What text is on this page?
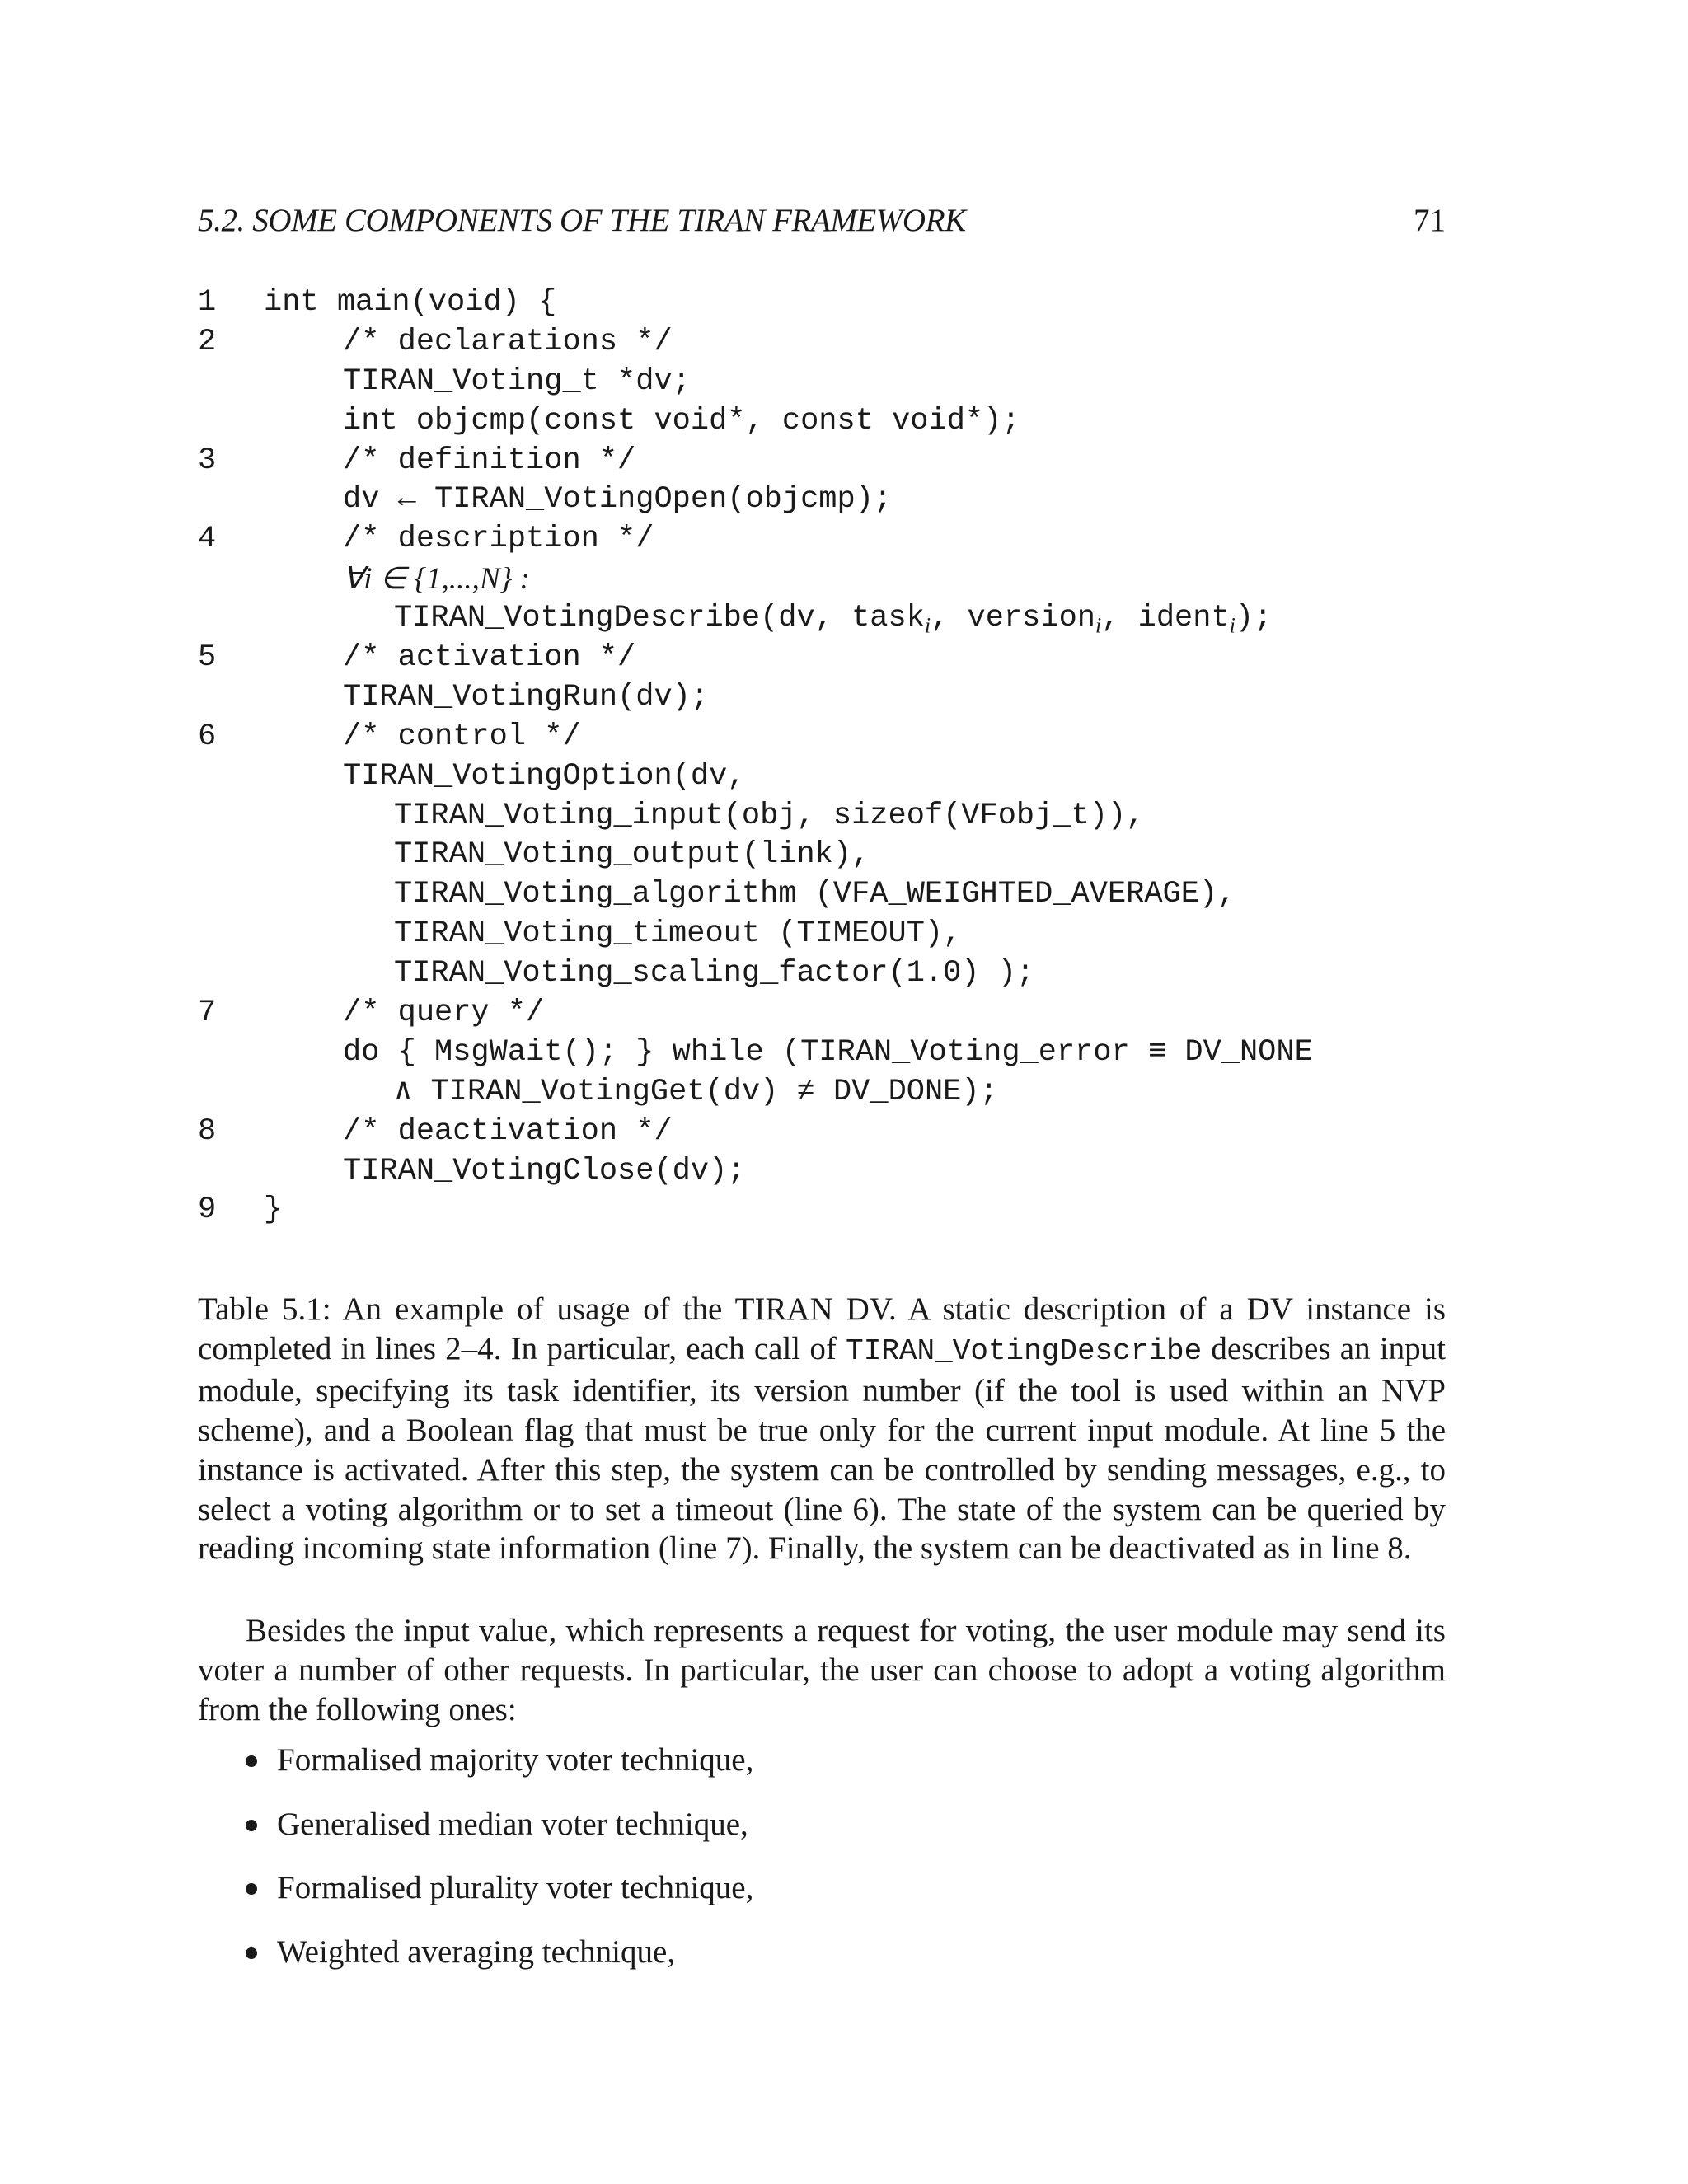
5.2. SOME COMPONENTS OF THE TIRAN FRAMEWORK	71

1

	int main(void) {

2

	/* declarations */

TIRAN_Voting_t *dv;

int objcmp(const void*, const void*);

3

	/* definition */

dv ← TIRAN_VotingOpen(objcmp);

4

	/* description */

∀i ∈ {1,...,N} :

TIRAN_VotingDescribe(dv, task$_i$, version$_i$, ident$_i$);

5

	/* activation */

TIRAN_VotingRun(dv);

6

	/* control */

TIRAN_VotingOption(dv,

TIRAN_Voting_input(obj, sizeof(VFobj_t)),

TIRAN_Voting_output(link),

TIRAN_Voting_algorithm (VFA_WEIGHTED_AVERAGE),

TIRAN_Voting_timeout (TIMEOUT),

TIRAN_Voting_scaling_factor(1.0) );

7

	/* query */

do { MsgWait(); } while (TIRAN_Voting_error ≡ DV_NONE

∧ TIRAN_VotingGet(dv) ≠ DV_DONE);

8

	/* deactivation */

TIRAN_VotingClose(dv);

9

	}

Table 5.1: An example of usage of the TIRAN DV. A static description of a DV instance is completed in lines 2–4. In particular, each call of TIRAN_VotingDescribe describes an input module, specifying its task identifier, its version number (if the tool is used within an NVP scheme), and a Boolean flag that must be true only for the current input module. At line 5 the instance is activated. After this step, the system can be controlled by sending messages, e.g., to select a voting algorithm or to set a timeout (line 6). The state of the system can be queried by reading incoming state information (line 7). Finally, the system can be deactivated as in line 8.
Besides the input value, which represents a request for voting, the user module may send its voter a number of other requests. In particular, the user can choose to adopt a voting algorithm from the following ones:
Formalised majority voter technique,
Generalised median voter technique,
Formalised plurality voter technique,
Weighted averaging technique,
